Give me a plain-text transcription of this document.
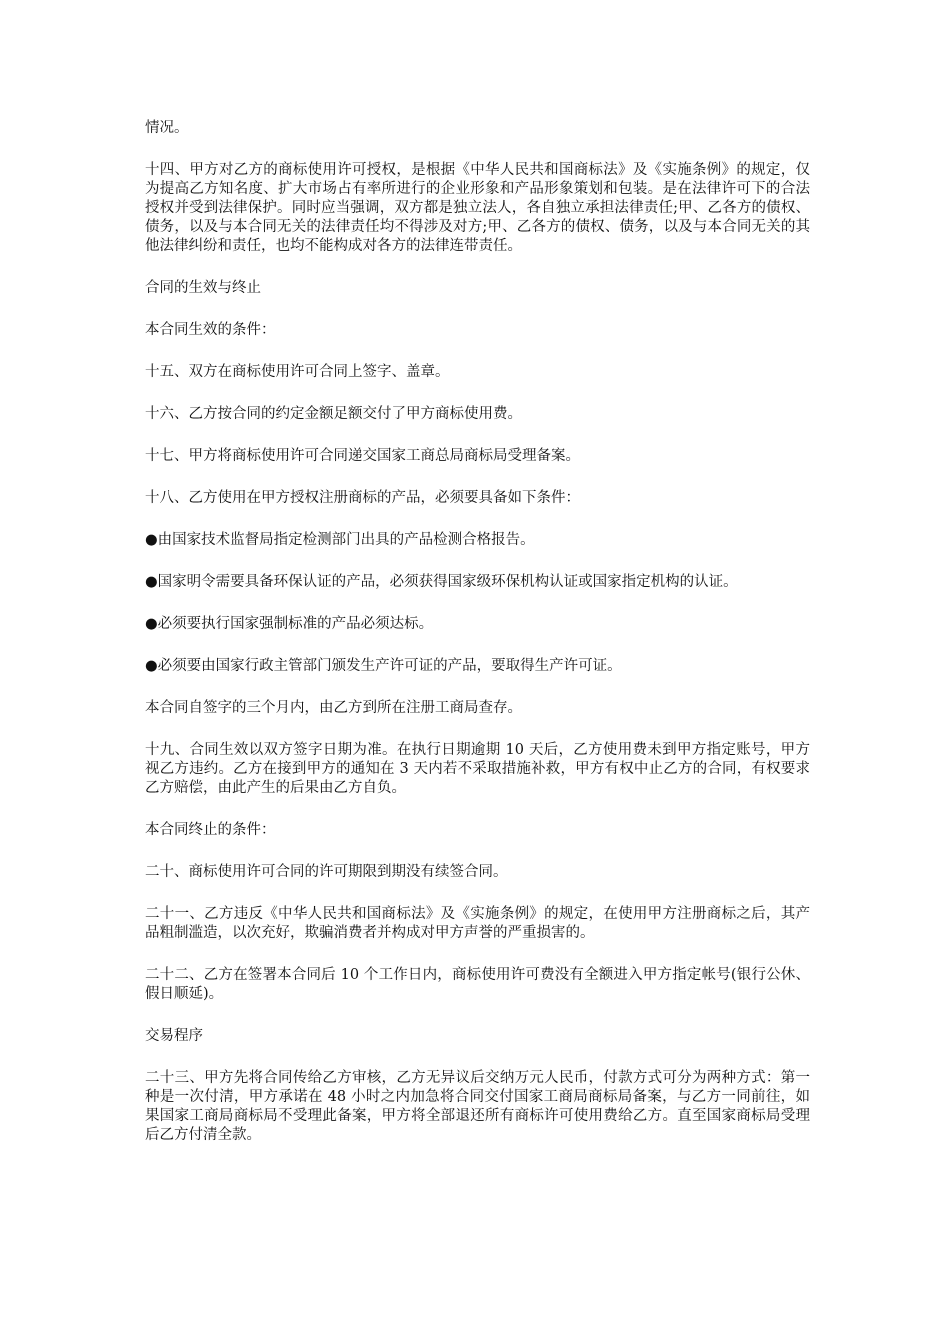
情况。

十四、甲方对乙方的商标使用许可授权，是根据《中华人民共和国商标法》及《实施条例》的规定，仅为提高乙方知名度、扩大市场占有率所进行的企业形象和产品形象策划和包装。是在法律许可下的合法授权并受到法律保护。同时应当强调，双方都是独立法人，各自独立承担法律责任;甲、乙各方的债权、债务，以及与本合同无关的法律责任均不得涉及对方;甲、乙各方的债权、债务，以及与本合同无关的其他法律纠纷和责任，也均不能构成对各方的法律连带责任。

合同的生效与终止

本合同生效的条件：

十五、双方在商标使用许可合同上签字、盖章。

十六、乙方按合同的约定金额足额交付了甲方商标使用费。

十七、甲方将商标使用许可合同递交国家工商总局商标局受理备案。

十八、乙方使用在甲方授权注册商标的产品，必须要具备如下条件：

●由国家技术监督局指定检测部门出具的产品检测合格报告。

●国家明令需要具备环保认证的产品，必须获得国家级环保机构认证或国家指定机构的认证。

●必须要执行国家强制标准的产品必须达标。

●必须要由国家行政主管部门颁发生产许可证的产品，要取得生产许可证。

本合同自签字的三个月内，由乙方到所在注册工商局查存。

十九、合同生效以双方签字日期为准。在执行日期逾期 10 天后，乙方使用费未到甲方指定账号，甲方视乙方违约。乙方在接到甲方的通知在 3 天内若不采取措施补救，甲方有权中止乙方的合同，有权要求乙方赔偿，由此产生的后果由乙方自负。

本合同终止的条件：

二十、商标使用许可合同的许可期限到期没有续签合同。

二十一、乙方违反《中华人民共和国商标法》及《实施条例》的规定，在使用甲方注册商标之后，其产品粗制滥造，以次充好，欺骗消费者并构成对甲方声誉的严重损害的。

二十二、乙方在签署本合同后 10 个工作日内，商标使用许可费没有全额进入甲方指定帐号(银行公休、假日顺延)。

交易程序

二十三、甲方先将合同传给乙方审核，乙方无异议后交纳万元人民币，付款方式可分为两种方式：第一种是一次付清，甲方承诺在 48 小时之内加急将合同交付国家工商局商标局备案，与乙方一同前往，如果国家工商局商标局不受理此备案，甲方将全部退还所有商标许可使用费给乙方。直至国家商标局受理后乙方付清全款。
